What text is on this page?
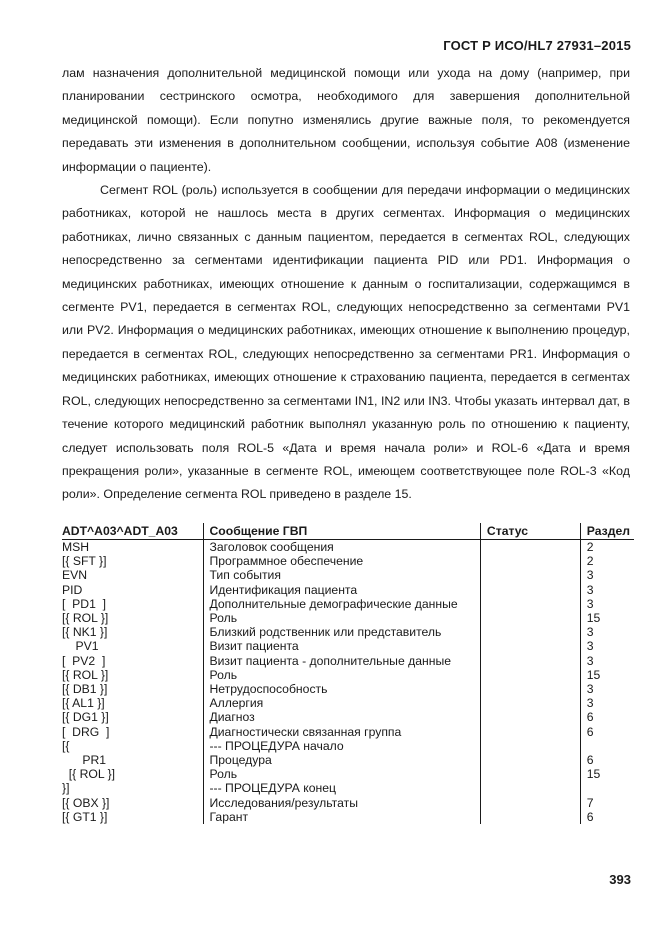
ГОСТ Р ИСО/HL7 27931–2015

лам назначения дополнительной медицинской помощи или ухода на дому (например, при планировании сестринского осмотра, необходимого для завершения дополнительной медицинской помощи). Если попутно изменялись другие важные поля, то рекомендуется передавать эти изменения в дополнительном сообщении, используя событие A08 (изменение информации о пациенте).

Сегмент ROL (роль) используется в сообщении для передачи информации о медицинских работниках, которой не нашлось места в других сегментах. Информация о медицинских работниках, лично связанных с данным пациентом, передается в сегментах ROL, следующих непосредственно за сегментами идентификации пациента PID или PD1. Информация о медицинских работниках, имеющих отношение к данным о госпитализации, содержащимся в сегменте PV1, передается в сегментах ROL, следующих непосредственно за сегментами PV1 или PV2. Информация о медицинских работниках, имеющих отношение к выполнению процедур, передается в сегментах ROL, следующих непосредственно за сегментами PR1. Информация о медицинских работниках, имеющих отношение к страхованию пациента, передается в сегментах ROL, следующих непосредственно за сегментами IN1, IN2 или IN3. Чтобы указать интервал дат, в течение которого медицинский работник выполнял указанную роль по отношению к пациенту, следует использовать поля ROL-5 «Дата и время начала роли» и ROL-6 «Дата и время прекращения роли», указанные в сегменте ROL, имеющем соответствующее поле ROL-3 «Код роли». Определение сегмента ROL приведено в разделе 15.

ADT^A03^ADT_A03	Сообщение ГВП	Статус	Раздел
MSH	Заголовок сообщения		2
[{ SFT }]	Программное обеспечение		2
EVN	Тип события		3
PID	Идентификация пациента		3
[  PD1  ]	Дополнительные демографические данные		3
[{ ROL }]	Роль		15
[{ NK1 }]	Близкий родственник или представитель		3
PV1	Визит пациента		3
[  PV2  ]	Визит пациента - дополнительные данные		3
[{ ROL }]	Роль		15
[{ DB1 }]	Нетрудоспособность		3
[{ AL1 }]	Аллергия		3
[{ DG1 }]	Диагноз		6
[  DRG  ]	Диагностически связанная группа		6
[{	--- ПРОЦЕДУРА начало		
PR1	Процедура		6
[{ ROL }]	Роль		15
}]	--- ПРОЦЕДУРА конец		
[{ OBX }]	Исследования/результаты		7
[{ GT1 }]	Гарант		6
393
